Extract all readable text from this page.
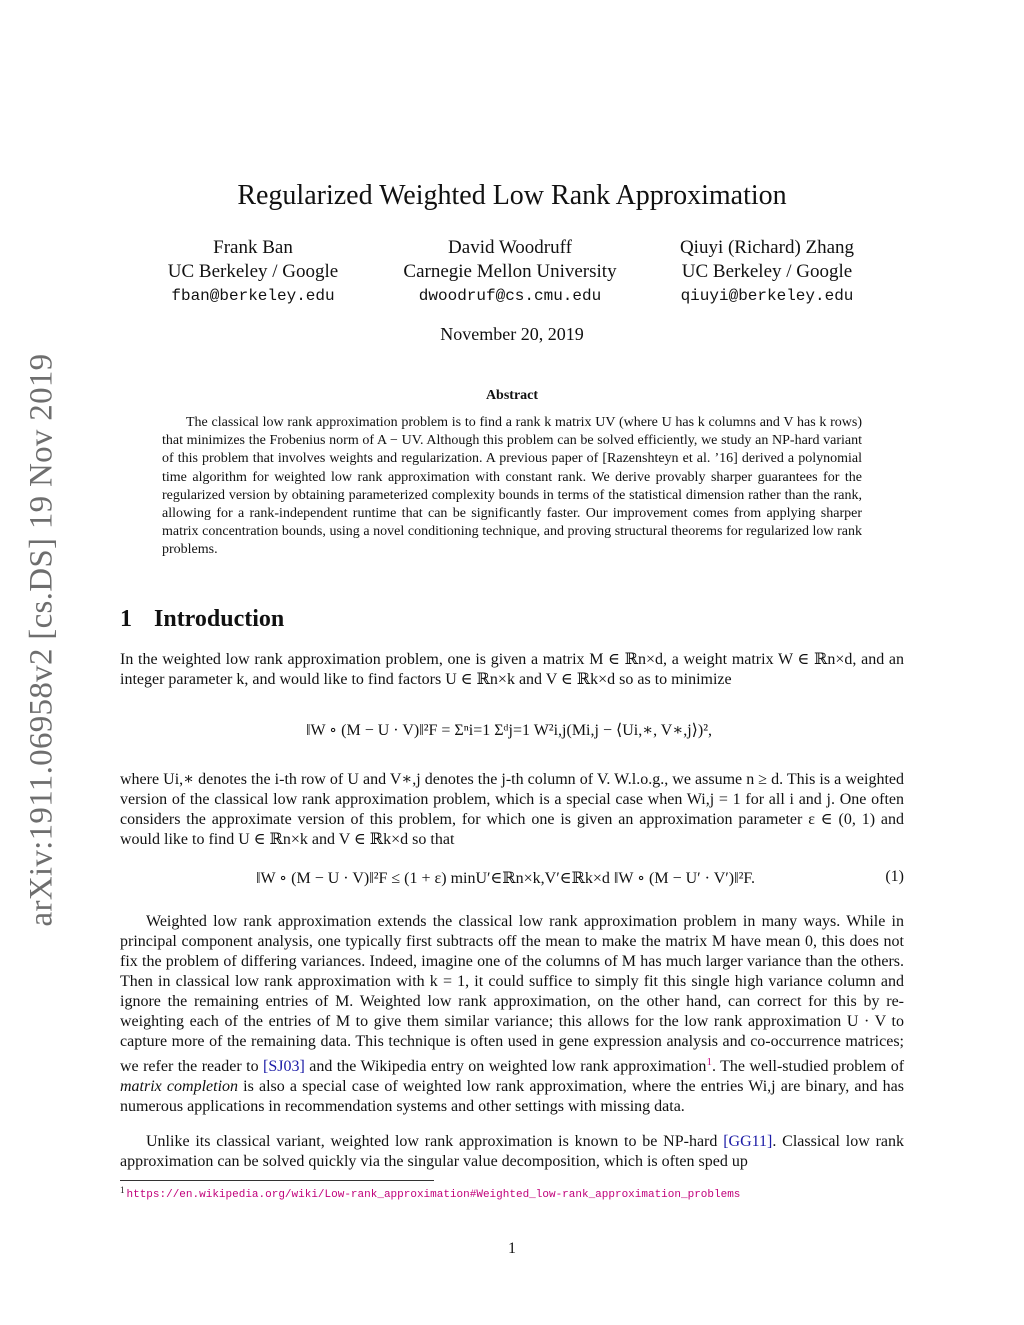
arXiv:1911.06958v2 [cs.DS] 19 Nov 2019
Regularized Weighted Low Rank Approximation
Frank Ban
UC Berkeley / Google
fban@berkeley.edu
David Woodruff
Carnegie Mellon University
dwoodruf@cs.cmu.edu
Qiuyi (Richard) Zhang
UC Berkeley / Google
qiuyi@berkeley.edu
November 20, 2019
Abstract
The classical low rank approximation problem is to find a rank k matrix UV (where U has k columns and V has k rows) that minimizes the Frobenius norm of A − UV. Although this problem can be solved efficiently, we study an NP-hard variant of this problem that involves weights and regularization. A previous paper of [Razenshteyn et al. ’16] derived a polynomial time algorithm for weighted low rank approximation with constant rank. We derive provably sharper guarantees for the regularized version by obtaining parameterized complexity bounds in terms of the statistical dimension rather than the rank, allowing for a rank-independent runtime that can be significantly faster. Our improvement comes from applying sharper matrix concentration bounds, using a novel conditioning technique, and proving structural theorems for regularized low rank problems.
1 Introduction
In the weighted low rank approximation problem, one is given a matrix M ∈ ℝn×d, a weight matrix W ∈ ℝn×d, and an integer parameter k, and would like to find factors U ∈ ℝn×k and V ∈ ℝk×d so as to minimize
‖W ∘ (M − U · V)‖²F = Σⁿi=1 Σᵈj=1 W²i,j(Mi,j − ⟨Ui,∗, V∗,j⟩)²,
where Ui,∗ denotes the i-th row of U and V∗,j denotes the j-th column of V. W.l.o.g., we assume n ≥ d. This is a weighted version of the classical low rank approximation problem, which is a special case when Wi,j = 1 for all i and j. One often considers the approximate version of this problem, for which one is given an approximation parameter ε ∈ (0, 1) and would like to find U ∈ ℝn×k and V ∈ ℝk×d so that
‖W ∘ (M − U · V)‖²F ≤ (1 + ε) minU′∈ℝn×k,V′∈ℝk×d ‖W ∘ (M − U′ · V′)‖²F.	(1)
Weighted low rank approximation extends the classical low rank approximation problem in many ways. While in principal component analysis, one typically first subtracts off the mean to make the matrix M have mean 0, this does not fix the problem of differing variances. Indeed, imagine one of the columns of M has much larger variance than the others. Then in classical low rank approximation with k = 1, it could suffice to simply fit this single high variance column and ignore the remaining entries of M. Weighted low rank approximation, on the other hand, can correct for this by re-weighting each of the entries of M to give them similar variance; this allows for the low rank approximation U · V to capture more of the remaining data. This technique is often used in gene expression analysis and co-occurrence matrices; we refer the reader to [SJ03] and the Wikipedia entry on weighted low rank approximation$^1$. The well-studied problem of matrix completion is also a special case of weighted low rank approximation, where the entries Wi,j are binary, and has numerous applications in recommendation systems and other settings with missing data.
Unlike its classical variant, weighted low rank approximation is known to be NP-hard [GG11]. Classical low rank approximation can be solved quickly via the singular value decomposition, which is often sped up
$^1$ https://en.wikipedia.org/wiki/Low-rank_approximation#Weighted_low-rank_approximation_problems
1
